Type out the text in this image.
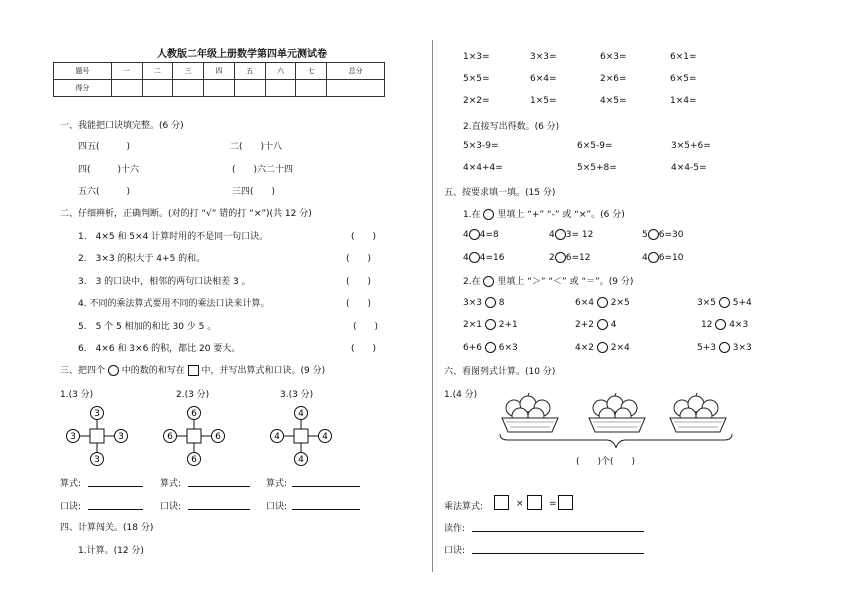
人教版二年级上册数学第四单元测试卷
题号	一	二	三	四	五	六	七	总分
得分								
一、我能把口诀填完整。(6 分)
四五(　　　)	二(　　)十八
四(　　　)十六	(　　)六二十四
五六(　　　)	三四(　　)
二、仔细辨析，正确判断。(对的打 “√” 错的打 “×”)(共 12 分)
1.　4×5 和 5×4 计算时用的不是同一句口诀。	(　　)
2.　3×3 的积大于 4+5 的和。	(　　)
3.　3 的口诀中，相邻的两句口诀相差 3 。	(　　)
4. 不同的乘法算式要用不同的乘法口诀来计算。	(　　)
5.　5 个 5 相加的和比 30 少 5 。	(　　)
6.　4×6 和 3×6 的积，都比 20 要大。	(　　)
三、把四个 中的数的和写在 中，并写出算式和口诀。(9 分)
1.(3 分)	2.(3 分)	3.(3 分)
3
3
3	3
6
6
6	6
4
4
4	4
算式:	算式:	算式:
口诀:	口诀:	口诀:
四、计算闯关。(18 分)
1.计算。(12 分)
1×3=	3×3=	6×3=	6×1=
5×5=	6×4=	2×6=	6×5=
2×2=	1×5=	4×5=	1×4=
2.直接写出得数。(6 分)
5×3-9=	6×5-9=	3×5+6=
4×4+4=	5×5+8=	4×4-5=
五、按要求填一填。(15 分)
1.在 里填上 “+” “-” 或 “×”。(6 分)
4 4=8	4 3= 12	5 6=30
4 4=16	2 6=12	4 6=10
2.在 里填上 “＞” “＜” 或 “＝”。(9 分)
3×3 8	6×4 2×5	3×5 5+4
2×1 2+1	2+2 4	12 4×3
6+6 6×3	4×2 2×4	5+3 3×3
六、看图列式计算。(10 分)
1.(4 分)
(　　)个(　　)
乘法算式:	×	=
读作:
口诀:
